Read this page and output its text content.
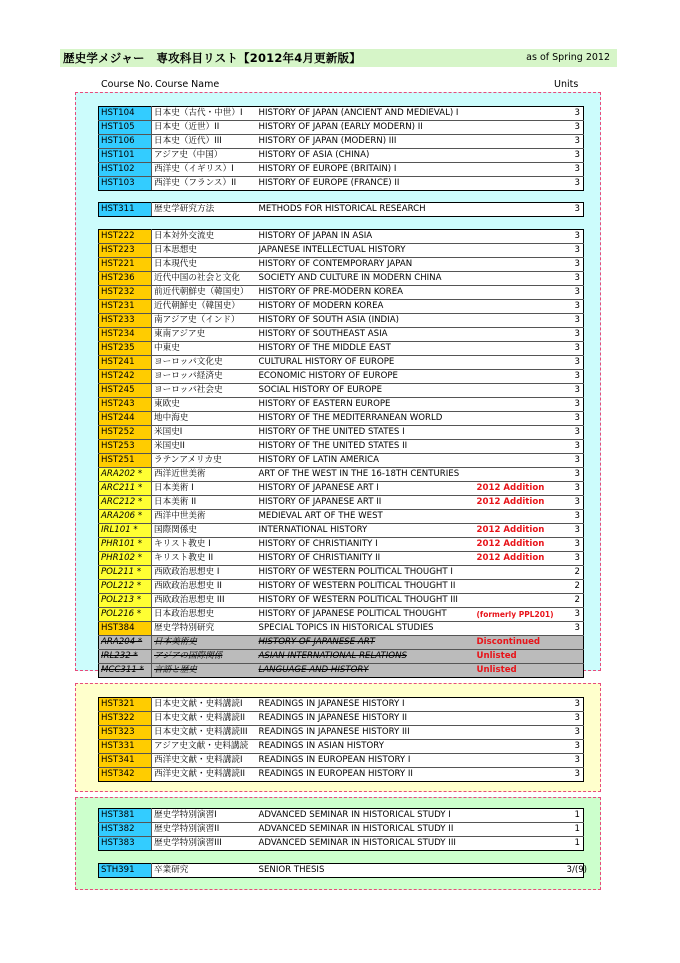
歴史学メジャー　専攻科目リスト【2012年4月更新版】	as of Spring 2012
Course No. Course Name	Units
HST104	日本史（古代・中世）I	HISTORY OF JAPAN (ANCIENT AND MEDIEVAL) I		3
HST105	日本史（近世）II	HISTORY OF JAPAN (EARLY MODERN) II		3
HST106	日本史（近代）III	HISTORY OF JAPAN (MODERN) III		3
HST101	アジア史（中国）	HISTORY OF ASIA (CHINA)		3
HST102	西洋史（イギリス）I	HISTORY OF EUROPE (BRITAIN) I		3
HST103	西洋史（フランス）II	HISTORY OF EUROPE (FRANCE) II		3
HST311	歴史学研究方法	METHODS FOR HISTORICAL RESEARCH		3
HST222	日本対外交流史	HISTORY OF JAPAN IN ASIA		3
HST223	日本思想史	JAPANESE INTELLECTUAL HISTORY		3
HST221	日本現代史	HISTORY OF CONTEMPORARY JAPAN		3
HST236	近代中国の社会と文化	SOCIETY AND CULTURE IN MODERN CHINA		3
HST232	前近代朝鮮史（韓国史）	HISTORY OF PRE-MODERN KOREA		3
HST231	近代朝鮮史（韓国史）	HISTORY OF MODERN KOREA		3
HST233	南アジア史（インド）	HISTORY OF SOUTH ASIA (INDIA)		3
HST234	東南アジア史	HISTORY OF SOUTHEAST ASIA		3
HST235	中東史	HISTORY OF THE MIDDLE EAST		3
HST241	ヨーロッパ文化史	CULTURAL HISTORY OF EUROPE		3
HST242	ヨーロッパ経済史	ECONOMIC HISTORY OF EUROPE		3
HST245	ヨーロッパ社会史	SOCIAL HISTORY OF EUROPE		3
HST243	東欧史	HISTORY OF EASTERN EUROPE		3
HST244	地中海史	HISTORY OF THE MEDITERRANEAN WORLD		3
HST252	米国史I	HISTORY OF THE UNITED STATES I		3
HST253	米国史II	HISTORY OF THE UNITED STATES II		3
HST251	ラテンアメリカ史	HISTORY OF LATIN AMERICA		3
ARA202 *	西洋近世美術	ART OF THE WEST IN THE 16-18TH CENTURIES		3
ARC211 *	日本美術 I	HISTORY OF JAPANESE ART I	2012 Addition	3
ARC212 *	日本美術 II	HISTORY OF JAPANESE ART II	2012 Addition	3
ARA206 *	西洋中世美術	MEDIEVAL ART OF THE WEST		3
IRL101 *	国際関係史	INTERNATIONAL HISTORY	2012 Addition	3
PHR101 *	キリスト教史 I	HISTORY OF CHRISTIANITY I	2012 Addition	3
PHR102 *	キリスト教史 II	HISTORY OF CHRISTIANITY II	2012 Addition	3
POL211 *	西欧政治思想史 I	HISTORY OF WESTERN POLITICAL THOUGHT I		2
POL212 *	西欧政治思想史 II	HISTORY OF WESTERN POLITICAL THOUGHT II		2
POL213 *	西欧政治思想史 III	HISTORY OF WESTERN POLITICAL THOUGHT III		2
POL216 *	日本政治思想史	HISTORY OF JAPANESE POLITICAL THOUGHT	(formerly PPL201)	3
HST384	歴史学特別研究	SPECIAL TOPICS IN HISTORICAL STUDIES		3
ARA204 *	日本美術史	HISTORY OF JAPANESE ART	Discontinued	
IRL232 *	アジアの国際関係	ASIAN INTERNATIONAL RELATIONS	Unlisted	
MCC311 *	言語と歴史	LANGUAGE AND HISTORY	Unlisted	
HST321	日本史文献・史料講読I	READINGS IN JAPANESE HISTORY I		3
HST322	日本史文献・史料講読II	READINGS IN JAPANESE HISTORY II		3
HST323	日本史文献・史料講読III	READINGS IN JAPANESE HISTORY III		3
HST331	アジア史文献・史料講読	READINGS IN ASIAN HISTORY		3
HST341	西洋史文献・史料講読I	READINGS IN EUROPEAN HISTORY I		3
HST342	西洋史文献・史料講読II	READINGS IN EUROPEAN HISTORY II		3
HST381	歴史学特別演習I	ADVANCED SEMINAR IN HISTORICAL STUDY I		1
HST382	歴史学特別演習II	ADVANCED SEMINAR IN HISTORICAL STUDY II		1
HST383	歴史学特別演習III	ADVANCED SEMINAR IN HISTORICAL STUDY III		1
STH391	卒業研究	SENIOR THESIS		3/(9)
